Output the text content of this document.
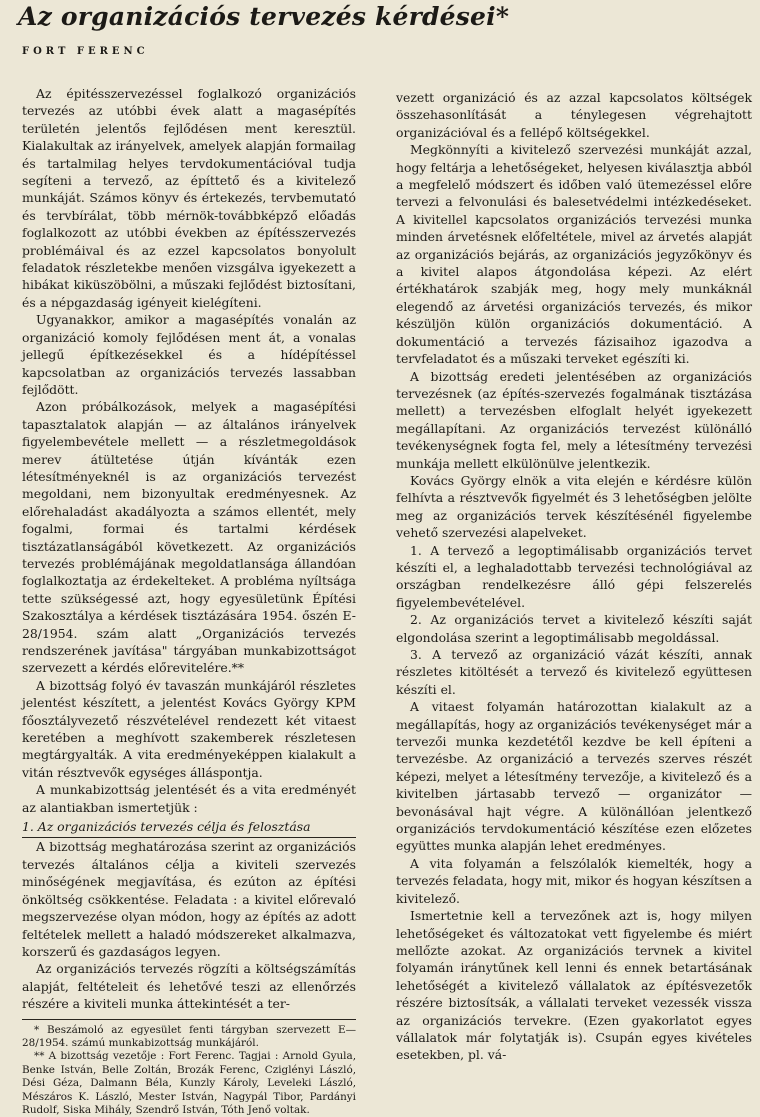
Az organizációs tervezés kérdései*
FORT FERENC

Az épitésszervezéssel foglalkozó organizációs tervezés az utóbbi évek alatt a magasépítés területén jelentős fejlődésen ment keresztül. Kialakultak az irányelvek, amelyek alapján formailag és tartalmilag helyes tervdokumentációval tudja segíteni a tervező, az építtető és a kivitelező munkáját. Számos könyv és értekezés, tervbemutató és tervbírálat, több mérnök-továbbképző előadás foglalkozott az utóbbi években az építésszervezés problémáival és az ezzel kapcsolatos bonyolult feladatok részletekbe menően vizsgálva igyekezett a hibákat kiküszöbölni, a műszaki fejlődést biztosítani, és a népgazdaság igényeit kielégíteni.

Ugyanakkor, amikor a magasépítés vonalán az organizáció komoly fejlődésen ment át, a vonalas jellegű építkezésekkel és a hídépítéssel kapcsolatban az organizációs tervezés lassabban fejlődött.

Azon próbálkozások, melyek a magasépítési tapasztalatok alapján — az általános irányelvek figyelembevétele mellett — a részletmegoldások merev átültetése útján kívánták ezen létesítményeknél is az organizációs tervezést megoldani, nem bizonyultak eredményesnek. Az előrehaladást akadályozta a számos ellentét, mely fogalmi, formai és tartalmi kérdések tisztázatlanságából következett. Az organizációs tervezés problémájának megoldatlansága állandóan foglalkoztatja az érdekelteket. A probléma nyíltsága tette szükségessé azt, hogy egyesületünk Építési Szakosztálya a kérdések tisztázására 1954. őszén E-28/1954. szám alatt „Organizációs tervezés rendszerének javítása" tárgyában munkabizottságot szervezett a kérdés előrevitelére.**

A bizottság folyó év tavaszán munkájáról részletes jelentést készített, a jelentést Kovács György KPM főosztályvezető részvételével rendezett két vitaest keretében a meghívott szakemberek részletesen megtárgyalták. A vita eredményeképpen kialakult a vitán résztvevők egységes álláspontja.

A munkabizottság jelentését és a vita eredményét az alantiakban ismertetjük :

1. Az organizációs tervezés célja és felosztása

A bizottság meghatározása szerint az organizációs tervezés általános célja a kiviteli szervezés minőségének megjavítása, és ezúton az építési önköltség csökkentése. Feladata : a kivitel előrevaló megszervezése olyan módon, hogy az építés az adott feltételek mellett a haladó módszereket alkalmazva, korszerű és gazdaságos legyen.

Az organizációs tervezés rögzíti a költségszámítás alapját, feltételeit és lehetővé teszi az ellenőrzés részére a kiviteli munka áttekintését a ter-

* Beszámoló az egyesület fenti tárgyban szervezett E—28/1954. számú munkabizottság munkájáról.

** A bizottság vezetője : Fort Ferenc. Tagjai : Arnold Gyula, Benke István, Belle Zoltán, Brozák Ferenc, Cziglényi László, Dési Géza, Dalmann Béla, Kunzly Károly, Leveleki László, Mészáros K. László, Mester István, Nagypál Tibor, Pardányi Rudolf, Siska Mihály, Szendrő István, Tóth Jenő voltak.

vezett organizáció és az azzal kapcsolatos költségek összehasonlítását a ténylegesen végrehajtott organizációval és a fellépő költségekkel.

Megkönnyíti a kivitelező szervezési munkáját azzal, hogy feltárja a lehetőségeket, helyesen kiválasztja abból a megfelelő módszert és időben való ütemezéssel előre tervezi a felvonulási és balesetvédelmi intézkedéseket. A kivitellel kapcsolatos organizációs tervezési munka minden árvetésnek előfeltétele, mivel az árvetés alapját az organizációs bejárás, az organizációs jegyzőkönyv és a kivitel alapos átgondolása képezi. Az elért értékhatárok szabják meg, hogy mely munkáknál elegendő az árvetési organizációs tervezés, és mikor készüljön külön organizációs dokumentáció. A dokumentáció a tervezés fázisaihoz igazodva a tervfeladatot és a műszaki terveket egészíti ki.

A bizottság eredeti jelentésében az organizációs tervezésnek (az építés-szervezés fogalmának tisztázása mellett) a tervezésben elfoglalt helyét igyekezett megállapítani. Az organizációs tervezést különálló tevékenységnek fogta fel, mely a létesítmény tervezési munkája mellett elkülönülve jelentkezik.

Kovács György elnök a vita elején e kérdésre külön felhívta a résztvevők figyelmét és 3 lehetőségben jelölte meg az organizációs tervek készítésénél figyelembe vehető szervezési alapelveket.

1. A tervező a legoptimálisabb organizációs tervet készíti el, a leghaladottabb tervezési technológiával az országban rendelkezésre álló gépi felszerelés figyelembevételével.

2. Az organizációs tervet a kivitelező készíti saját elgondolása szerint a legoptimálisabb megoldással.

3. A tervező az organizáció vázát készíti, annak részletes kitöltését a tervező és kivitelező együttesen készíti el.

A vitaest folyamán határozottan kialakult az a megállapítás, hogy az organizációs tevékenységet már a tervezői munka kezdetétől kezdve be kell építeni a tervezésbe. Az organizáció a tervezés szerves részét képezi, melyet a létesítmény tervezője, a kivitelező és a kivitelben jártasabb tervező — organizátor — bevonásával hajt végre. A különállóan jelentkező organizációs tervdokumentáció készítése ezen előzetes együttes munka alapján lehet eredményes.

A vita folyamán a felszólalók kiemelték, hogy a tervezés feladata, hogy mit, mikor és hogyan készítsen a kivitelező.

Ismertetnie kell a tervezőnek azt is, hogy milyen lehetőségeket és változatokat vett figyelembe és miért mellőzte azokat. Az organizációs tervnek a kivitel folyamán iránytűnek kell lenni és ennek betartásának lehetőségét a kivitelező vállalatok az építésvezetők részére biztosítsák, a vállalati terveket vezessék vissza az organizációs tervekre. (Ezen gyakorlatot egyes vállalatok már folytatják is). Csupán egyes kivételes esetekben, pl. vá-
